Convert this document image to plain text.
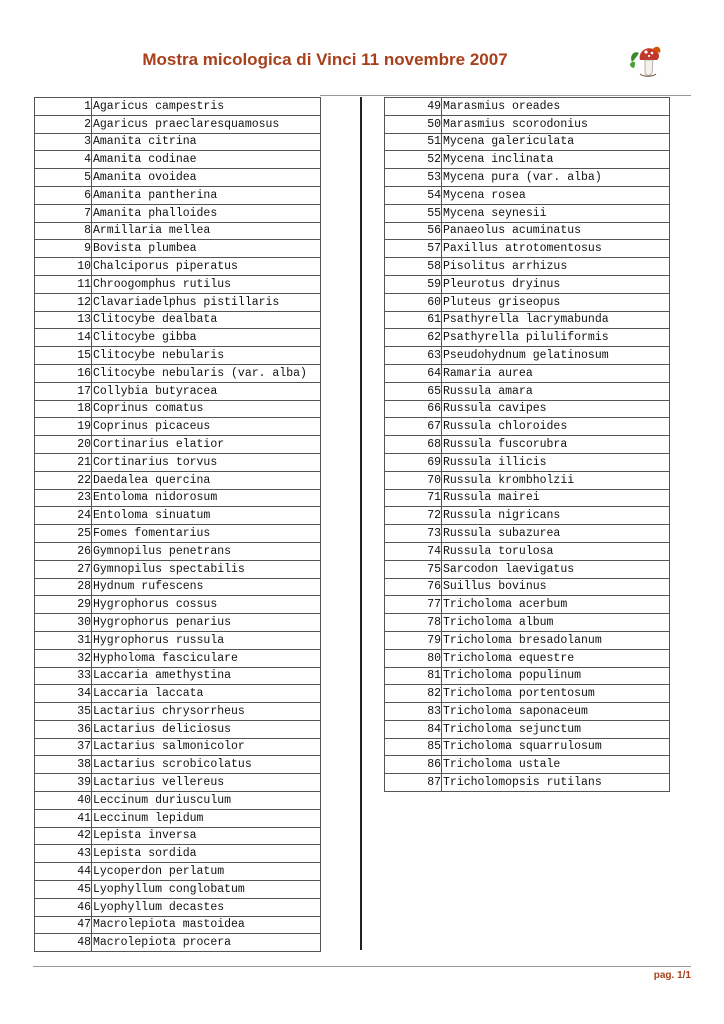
Mostra micologica di Vinci 11 novembre 2007
1	Agaricus campestris
2	Agaricus praeclaresquamosus
3	Amanita citrina
4	Amanita codinae
5	Amanita ovoidea
6	Amanita pantherina
7	Amanita phalloides
8	Armillaria mellea
9	Bovista plumbea
10	Chalciporus piperatus
11	Chroogomphus rutilus
12	Clavariadelphus pistillaris
13	Clitocybe dealbata
14	Clitocybe gibba
15	Clitocybe nebularis
16	Clitocybe nebularis (var. alba)
17	Collybia butyracea
18	Coprinus comatus
19	Coprinus picaceus
20	Cortinarius elatior
21	Cortinarius torvus
22	Daedalea quercina
23	Entoloma nidorosum
24	Entoloma sinuatum
25	Fomes fomentarius
26	Gymnopilus penetrans
27	Gymnopilus spectabilis
28	Hydnum rufescens
29	Hygrophorus cossus
30	Hygrophorus penarius
31	Hygrophorus russula
32	Hypholoma fasciculare
33	Laccaria amethystina
34	Laccaria laccata
35	Lactarius chrysorrheus
36	Lactarius deliciosus
37	Lactarius salmonicolor
38	Lactarius scrobicolatus
39	Lactarius vellereus
40	Leccinum duriusculum
41	Leccinum lepidum
42	Lepista inversa
43	Lepista sordida
44	Lycoperdon perlatum
45	Lyophyllum conglobatum
46	Lyophyllum decastes
47	Macrolepiota mastoidea
48	Macrolepiota procera
49	Marasmius oreades
50	Marasmius scorodonius
51	Mycena galericulata
52	Mycena inclinata
53	Mycena pura (var. alba)
54	Mycena rosea
55	Mycena seynesii
56	Panaeolus acuminatus
57	Paxillus atrotomentosus
58	Pisolitus arrhizus
59	Pleurotus dryinus
60	Pluteus griseopus
61	Psathyrella lacrymabunda
62	Psathyrella piluliformis
63	Pseudohydnum gelatinosum
64	Ramaria aurea
65	Russula amara
66	Russula cavipes
67	Russula chloroides
68	Russula fuscorubra
69	Russula illicis
70	Russula krombholzii
71	Russula mairei
72	Russula nigricans
73	Russula subazurea
74	Russula torulosa
75	Sarcodon laevigatus
76	Suillus bovinus
77	Tricholoma acerbum
78	Tricholoma album
79	Tricholoma bresadolanum
80	Tricholoma equestre
81	Tricholoma populinum
82	Tricholoma portentosum
83	Tricholoma saponaceum
84	Tricholoma sejunctum
85	Tricholoma squarrulosum
86	Tricholoma ustale
87	Tricholomopsis rutilans
pag. 1/1
